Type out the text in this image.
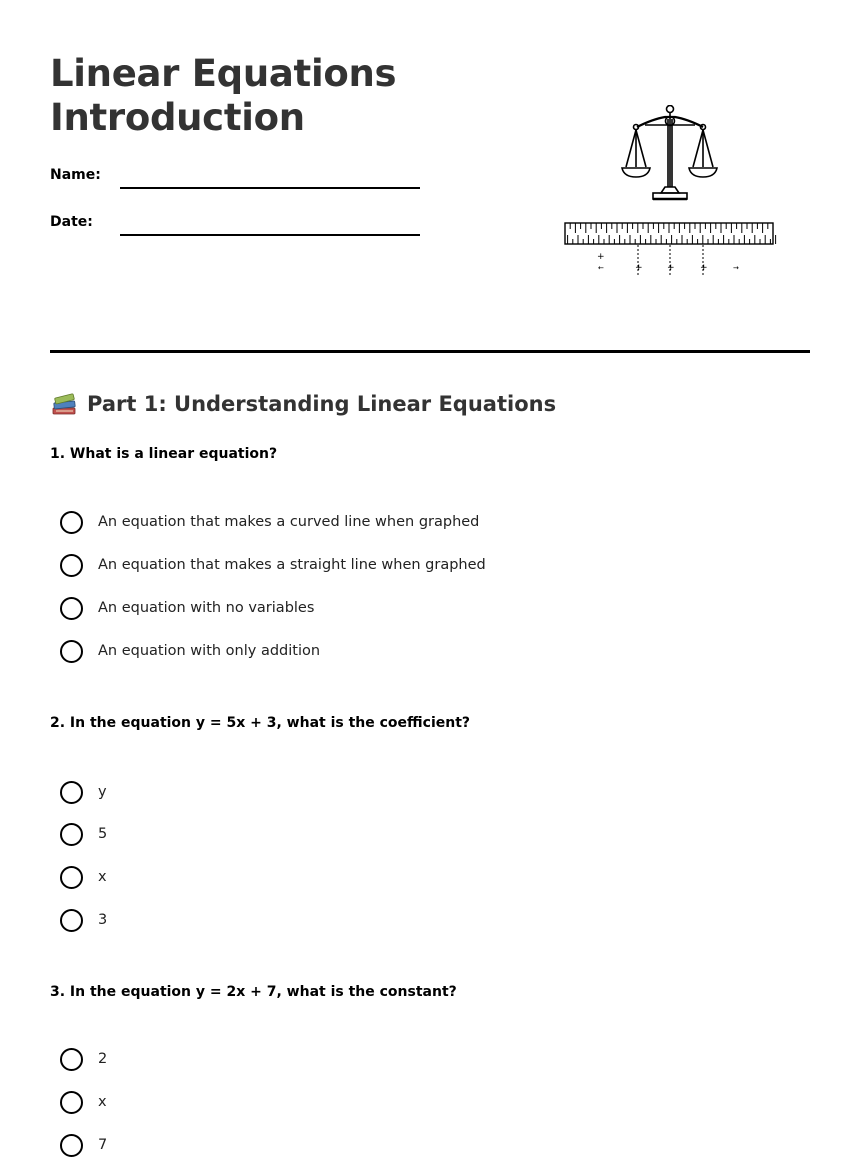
Linear Equations
Introduction
Name:
Date:
+
←	+	+	+	→
Part 1: Understanding Linear Equations
1. What is a linear equation?
An equation that makes a curved line when graphed
An equation that makes a straight line when graphed
An equation with no variables
An equation with only addition
2. In the equation y = 5x + 3, what is the coefficient?
y
5
x
3
3. In the equation y = 2x + 7, what is the constant?
2
x
7
